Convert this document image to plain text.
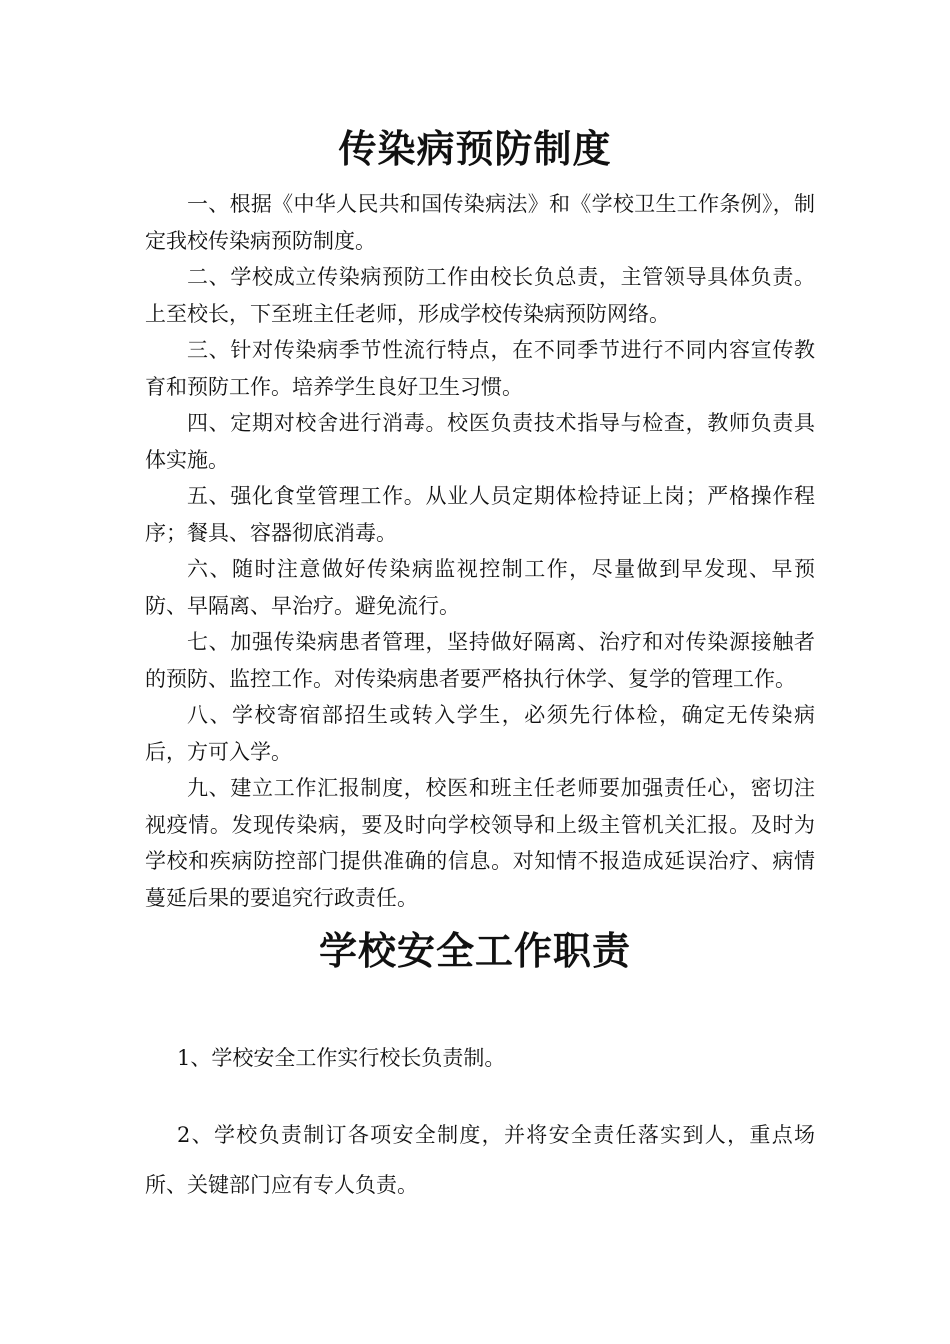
传染病预防制度

一、根据《中华人民共和国传染病法》和《学校卫生工作条例》，制定我校传染病预防制度。

二、学校成立传染病预防工作由校长负总责，主管领导具体负责。上至校长，下至班主任老师，形成学校传染病预防网络。

三、针对传染病季节性流行特点，在不同季节进行不同内容宣传教育和预防工作。培养学生良好卫生习惯。

四、定期对校舍进行消毒。校医负责技术指导与检查，教师负责具体实施。

五、强化食堂管理工作。从业人员定期体检持证上岗；严格操作程序；餐具、容器彻底消毒。

六、随时注意做好传染病监视控制工作，尽量做到早发现、早预防、早隔离、早治疗。避免流行。

七、加强传染病患者管理，坚持做好隔离、治疗和对传染源接触者的预防、监控工作。对传染病患者要严格执行休学、复学的管理工作。

八、学校寄宿部招生或转入学生，必须先行体检，确定无传染病后，方可入学。

九、建立工作汇报制度，校医和班主任老师要加强责任心，密切注视疫情。发现传染病，要及时向学校领导和上级主管机关汇报。及时为学校和疾病防控部门提供准确的信息。对知情不报造成延误治疗、病情蔓延后果的要追究行政责任。

学校安全工作职责

1、学校安全工作实行校长负责制。

2、学校负责制订各项安全制度，并将安全责任落实到人，重点场所、关键部门应有专人负责。
